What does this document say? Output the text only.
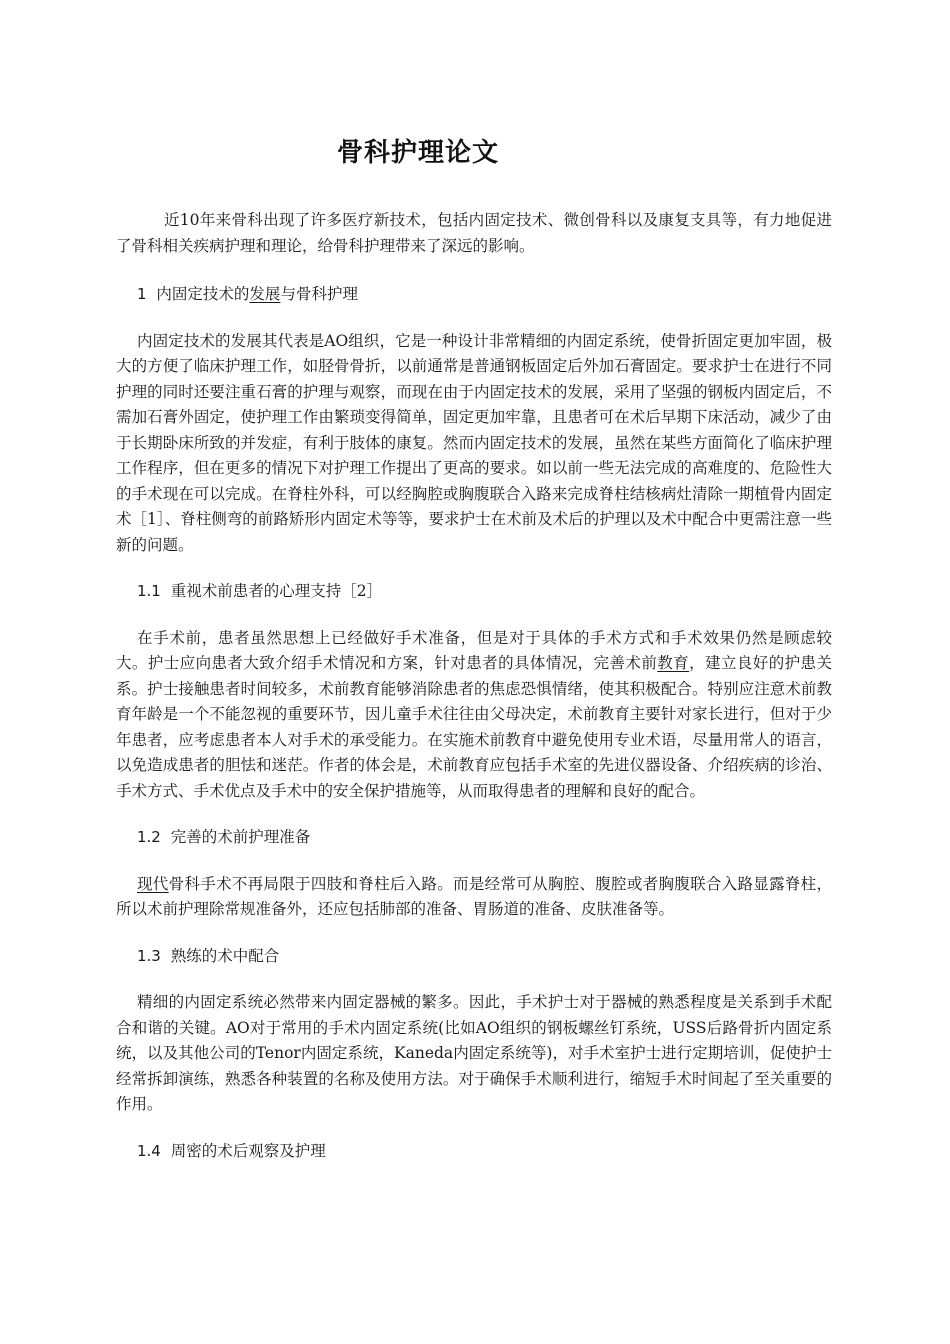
骨科护理论文

近10年来骨科出现了许多医疗新技术，包括内固定技术、微创骨科以及康复支具等，有力地促进了骨科相关疾病护理和理论，给骨科护理带来了深远的影响。

1 内固定技术的发展与骨科护理

内固定技术的发展其代表是AO组织，它是一种设计非常精细的内固定系统，使骨折固定更加牢固，极大的方便了临床护理工作，如胫骨骨折，以前通常是普通钢板固定后外加石膏固定。要求护士在进行不同护理的同时还要注重石膏的护理与观察，而现在由于内固定技术的发展，采用了坚强的钢板内固定后，不需加石膏外固定，使护理工作由繁琐变得简单，固定更加牢靠，且患者可在术后早期下床活动，减少了由于长期卧床所致的并发症，有利于肢体的康复。然而内固定技术的发展，虽然在某些方面简化了临床护理工作程序，但在更多的情况下对护理工作提出了更高的要求。如以前一些无法完成的高难度的、危险性大的手术现在可以完成。在脊柱外科，可以经胸腔或胸腹联合入路来完成脊柱结核病灶清除一期植骨内固定术［1］、脊柱侧弯的前路矫形内固定术等等，要求护士在术前及术后的护理以及术中配合中更需注意一些新的问题。

1.1 重视术前患者的心理支持［2］

在手术前，患者虽然思想上已经做好手术准备，但是对于具体的手术方式和手术效果仍然是顾虑较大。护士应向患者大致介绍手术情况和方案，针对患者的具体情况，完善术前教育，建立良好的护患关系。护士接触患者时间较多，术前教育能够消除患者的焦虑恐惧情绪，使其积极配合。特别应注意术前教育年龄是一个不能忽视的重要环节，因儿童手术往往由父母决定，术前教育主要针对家长进行，但对于少年患者，应考虑患者本人对手术的承受能力。在实施术前教育中避免使用专业术语，尽量用常人的语言，以免造成患者的胆怯和迷茫。作者的体会是，术前教育应包括手术室的先进仪器设备、介绍疾病的诊治、手术方式、手术优点及手术中的安全保护措施等，从而取得患者的理解和良好的配合。

1.2 完善的术前护理准备

现代骨科手术不再局限于四肢和脊柱后入路。而是经常可从胸腔、腹腔或者胸腹联合入路显露脊柱，所以术前护理除常规准备外，还应包括肺部的准备、胃肠道的准备、皮肤准备等。

1.3 熟练的术中配合

精细的内固定系统必然带来内固定器械的繁多。因此，手术护士对于器械的熟悉程度是关系到手术配合和谐的关键。AO对于常用的手术内固定系统(比如AO组织的钢板螺丝钉系统，USS后路骨折内固定系统，以及其他公司的Tenor内固定系统，Kaneda内固定系统等)，对手术室护士进行定期培训，促使护士经常拆卸演练，熟悉各种装置的名称及使用方法。对于确保手术顺利进行，缩短手术时间起了至关重要的作用。

1.4 周密的术后观察及护理
